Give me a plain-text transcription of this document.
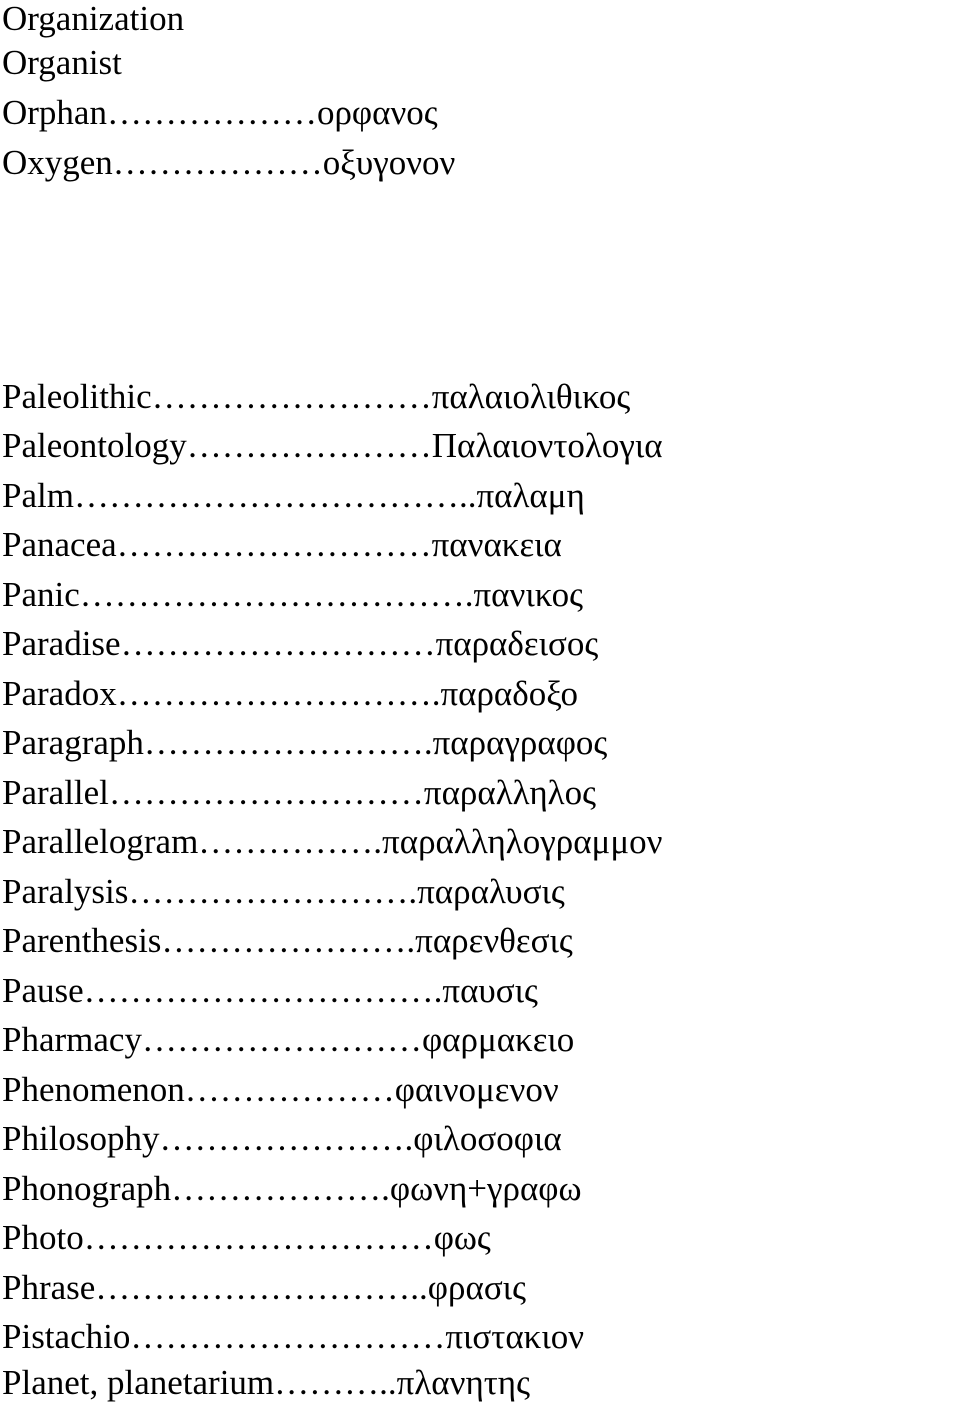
Organization
Organist
Orphan………………ορφανος
Oxygen………………οξυγονον
Paleolithic……………………παλαιολιθικος
Paleontology…………………Παλαιοντολογια
Palm……………………………..παλαμη
Panacea………………………πανακεια
Panic…………………………….πανικος
Paradise………………………παραδεισος
Paradox……………………….παραδοξο
Paragraph…………………….παραγραφος
Parallel………………………παραλληλος
Parallelogram…………….παραλληλογραμμον
Paralysis…………………….παραλυσις
Parenthesis………………….παρενθεσις
Pause………………………….παυσις
Pharmacy……………………φαρμακειο
Phenomenon………………φαινομενον
Philosophy………………….φιλοσοφια
Phonograph……………….φωνη+γραφω
Photo…………………………φως
Phrase………………………..φρασις
Pistachio………………………πιστακιον
Planet, planetarium………..πλανητης
